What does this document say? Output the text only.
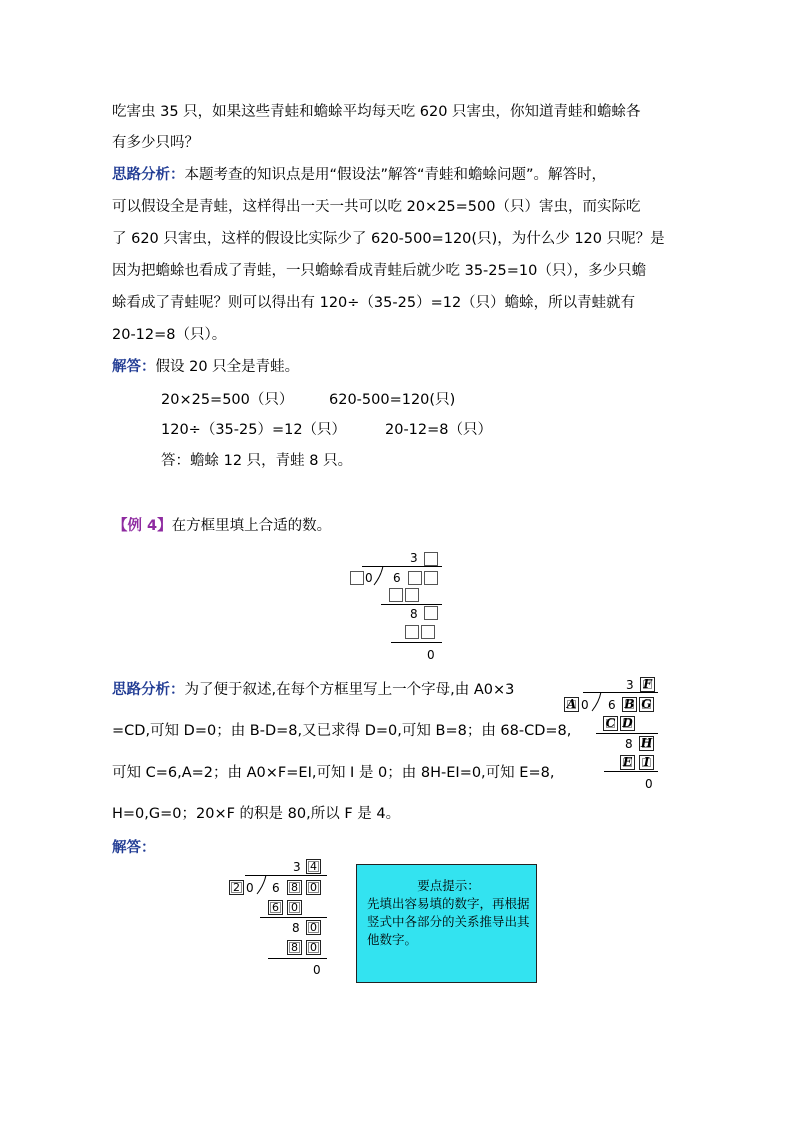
吃害虫 35 只，如果这些青蛙和蟾蜍平均每天吃 620 只害虫，你知道青蛙和蟾蜍各
有多少只吗？
思路分析：本题考查的知识点是用“假设法”解答“青蛙和蟾蜍问题”。解答时，
可以假设全是青蛙，这样得出一天一共可以吃 20×25=500（只）害虫，而实际吃
了 620 只害虫，这样的假设比实际少了 620-500=120(只)，为什么少 120 只呢？是
因为把蟾蜍也看成了青蛙，一只蟾蜍看成青蛙后就少吃 35-25=10（只），多少只蟾
蜍看成了青蛙呢？则可以得出有 120÷（35-25）=12（只）蟾蜍，所以青蛙就有
20-12=8（只）。
解答：假设 20 只全是青蛙。
20×25=500（只） 620-500=120(只)
120÷（35-25）=12（只）	20-12=8（只）
答：蟾蜍 12 只，青蛙 8 只。
【例 4】在方框里填上合适的数。
3
0 6
8
0
思路分析：为了便于叙述,在每个方框里写上一个字母,由 A0×3
=CD,可知 D=0；由 B-D=8,又已求得 D=0,可知 B=8；由 68-CD=8,
可知 C=6,A=2；由 A0×F=EI,可知 I 是 0；由 8H-EI=0,可知 E=8,
H=0,G=0；20×F 的积是 80,所以 F 是 4。
3 F
A 0 6 B G
C D
8 H
E I
0
解答：
3 4
2 0 6 8 0
6 0
8 0
8 0
0
要点提示：
先填出容易填的数字，再根据竖式中各部分的关系推导出其他数字。
